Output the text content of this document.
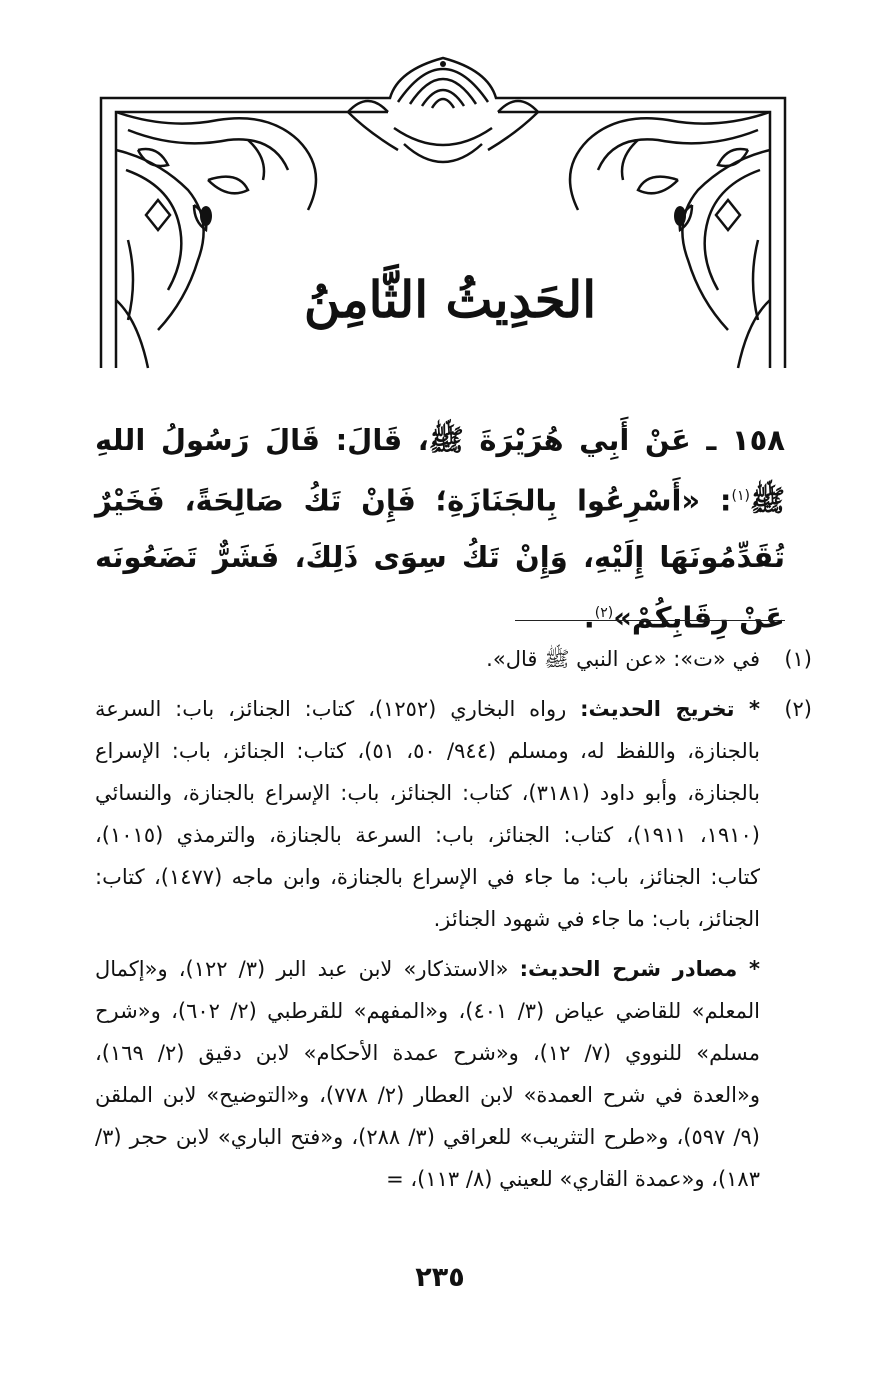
الحَدِيثُ الثَّامِنُ
١٥٨ ـ عَنْ أَبِي هُرَيْرَةَ ﷺ، قَالَ: قَالَ رَسُولُ اللهِ ﷺ$^{(١)}$: «أَسْرِعُوا بِالجَنَازَةِ؛ فَإِنْ تَكُ صَالِحَةً، فَخَيْرٌ تُقَدِّمُونَهَا إِلَيْهِ، وَإِنْ تَكُ سِوَى ذَلِكَ، فَشَرٌّ تَضَعُونَه عَنْ رِقَابِكُمْ»$^{(٢)}$.
(١)

في «ت»: «عن النبي ﷺ قال».

(٢)

* تخريج الحديث: رواه البخاري (١٢٥٢)، كتاب: الجنائز، باب: السرعة بالجنازة، واللفظ له، ومسلم (٩٤٤/ ٥٠، ٥١)، كتاب: الجنائز، باب: الإسراع بالجنازة، وأبو داود (٣١٨١)، كتاب: الجنائز، باب: الإسراع بالجنازة، والنسائي (١٩١٠، ١٩١١)، كتاب: الجنائز، باب: السرعة بالجنازة، والترمذي (١٠١٥)، كتاب: الجنائز، باب: ما جاء في الإسراع بالجنازة، وابن ماجه (١٤٧٧)، كتاب: الجنائز، باب: ما جاء في شهود الجنائز.

* مصادر شرح الحديث: «الاستذكار» لابن عبد البر (٣/ ١٢٢)، و«إكمال المعلم» للقاضي عياض (٣/ ٤٠١)، و«المفهم» للقرطبي (٢/ ٦٠٢)، و«شرح مسلم» للنووي (٧/ ١٢)، و«شرح عمدة الأحكام» لابن دقيق (٢/ ١٦٩)، و«العدة في شرح العمدة» لابن العطار (٢/ ٧٧٨)، و«التوضيح» لابن الملقن (٩/ ٥٩٧)، و«طرح التثريب» للعراقي (٣/ ٢٨٨)، و«فتح الباري» لابن حجر (٣/ ١٨٣)، و«عمدة القاري» للعيني (٨/ ١١٣)، =

٢٣٥
